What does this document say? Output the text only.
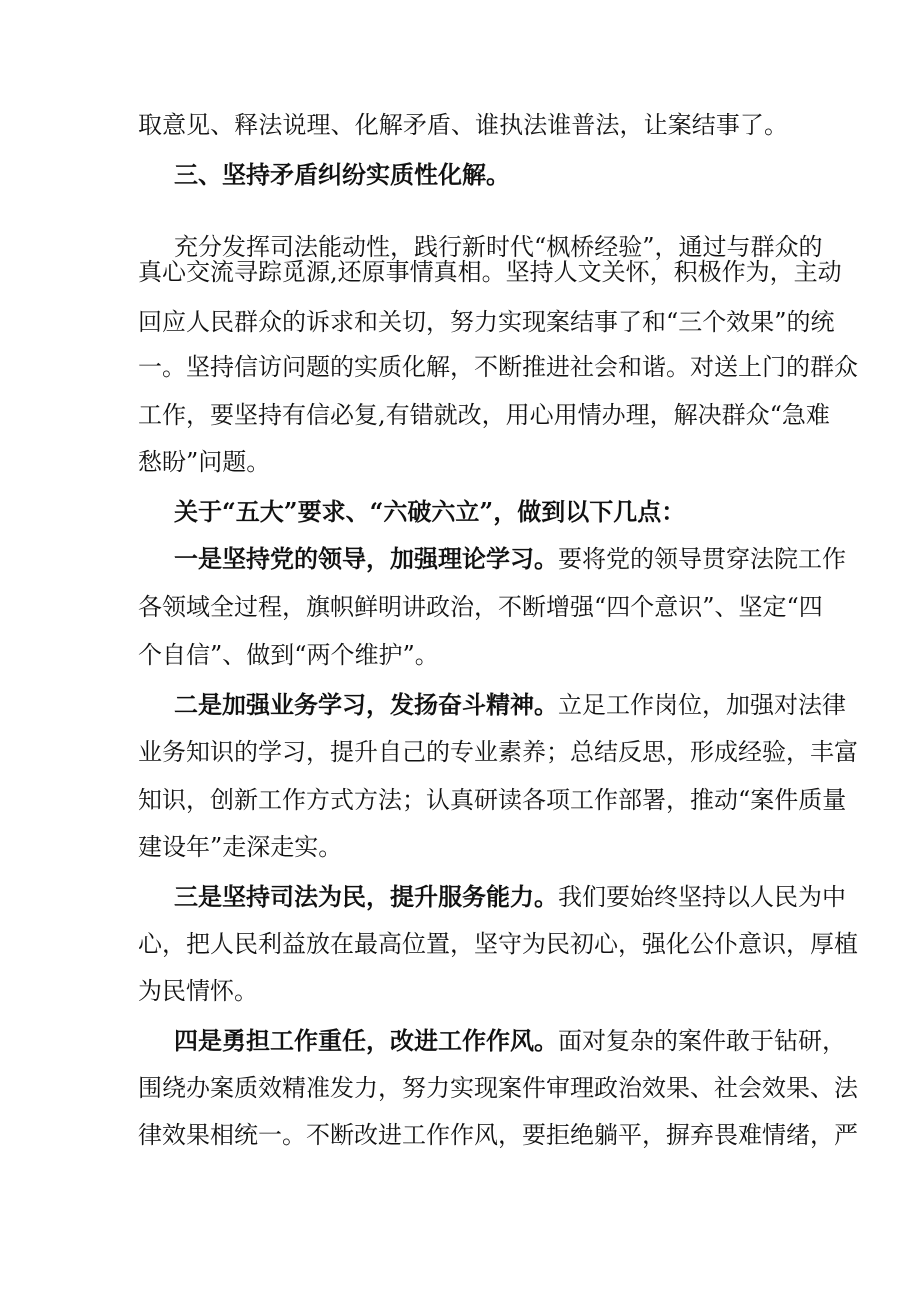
取意见、释法说理、化解矛盾、谁执法谁普法，让案结事了。
三、坚持矛盾纠纷实质性化解。
充分发挥司法能动性，践行新时代“枫桥经验”，通过与群众的
真心交流寻踪觅源,还原事情真相。坚持人文关怀，积极作为，主动
回应人民群众的诉求和关切，努力实现案结事了和“三个效果”的统
一。坚持信访问题的实质化解，不断推进社会和谐。对送上门的群众
工作，要坚持有信必复,有错就改，用心用情办理，解决群众“急难
愁盼”问题。
关于“五大”要求、“六破六立”，做到以下几点：
一是坚持党的领导，加强理论学习。要将党的领导贯穿法院工作
各领域全过程，旗帜鲜明讲政治，不断增强“四个意识”、坚定“四
个自信”、做到“两个维护”。
二是加强业务学习，发扬奋斗精神。立足工作岗位，加强对法律
业务知识的学习，提升自己的专业素养；总结反思，形成经验，丰富
知识，创新工作方式方法；认真研读各项工作部署，推动“案件质量
建设年”走深走实。
三是坚持司法为民，提升服务能力。我们要始终坚持以人民为中
心，把人民利益放在最高位置，坚守为民初心，强化公仆意识，厚植
为民情怀。
四是勇担工作重任，改进工作作风。面对复杂的案件敢于钻研，
围绕办案质效精准发力，努力实现案件审理政治效果、社会效果、法
律效果相统一。不断改进工作作风，要拒绝躺平，摒弃畏难情绪，严
